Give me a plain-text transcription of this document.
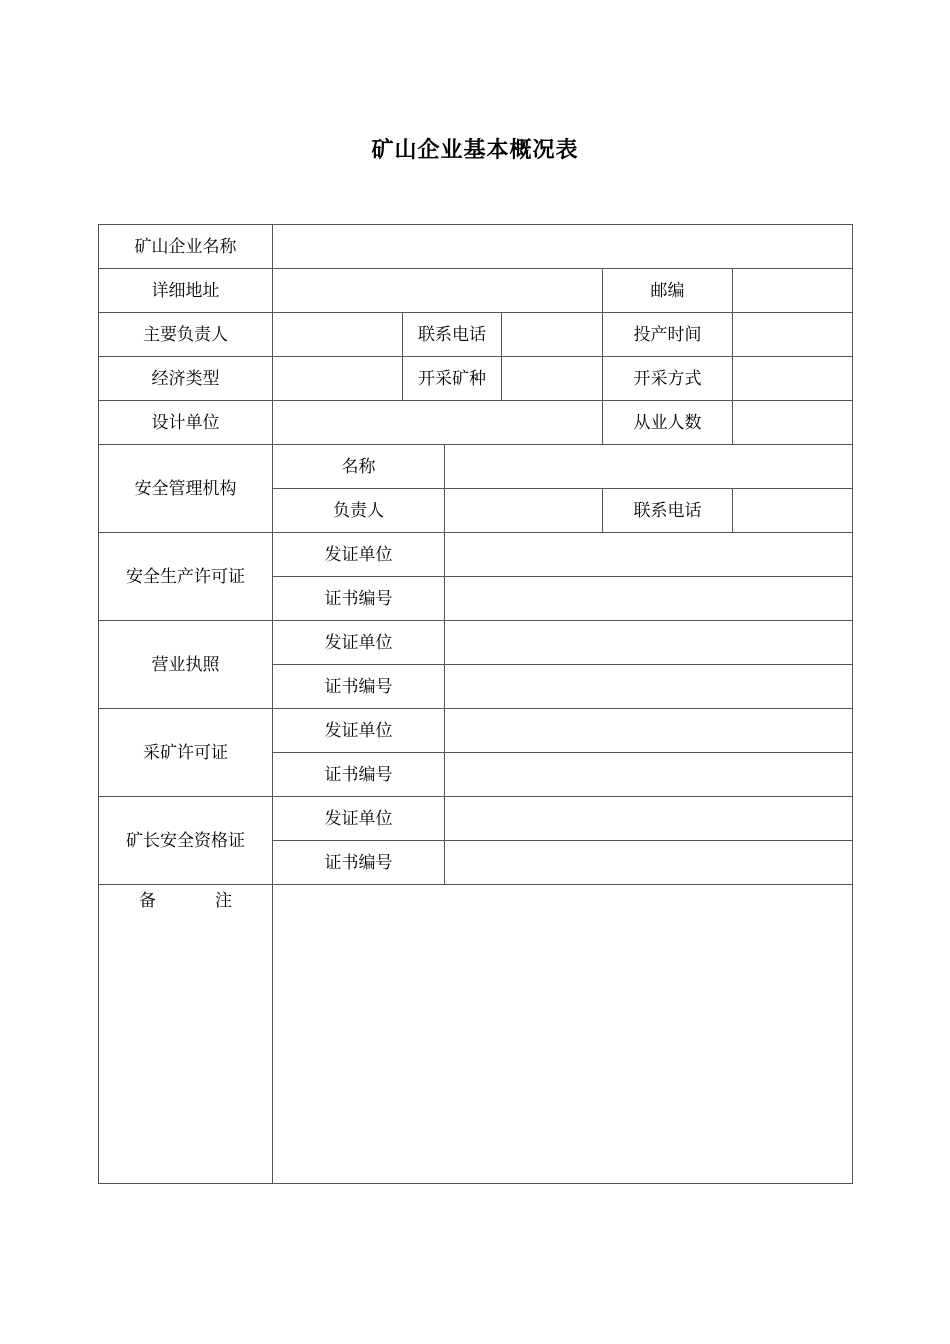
矿山企业基本概况表
矿山企业名称						
详细地址					邮编	
主要负责人		联系电话			投产时间	
经济类型		开采矿种			开采方式	
设计单位					从业人数	
安全管理机构	名称					
	负责人				联系电话	
安全生产许可证	发证单位					
	证书编号					
营业执照	发证单位					
	证书编号					
采矿许可证	发证单位					
	证书编号					
矿长安全资格证	发证单位					
	证书编号					
备 注						
